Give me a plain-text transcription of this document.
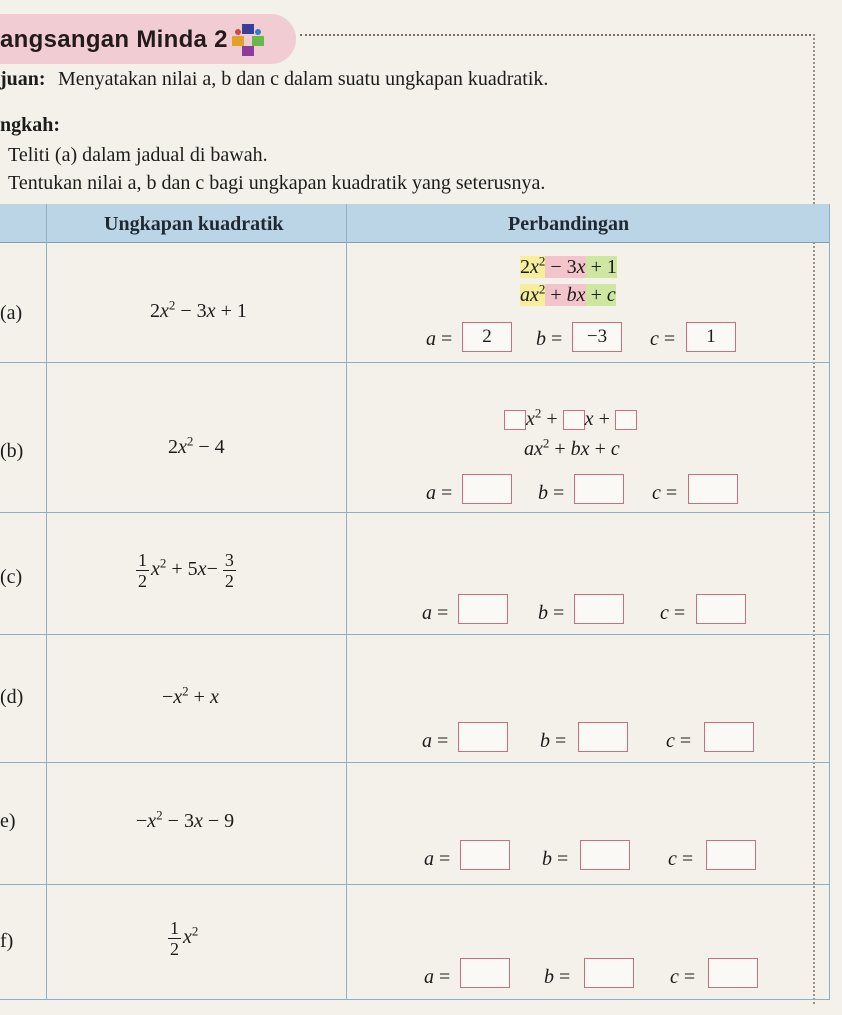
angsangan Minda 2
juan: Menyatakan nilai a, b dan c dalam suatu ungkapan kuadratik.
ngkah:
Teliti (a) dalam jadual di bawah.
Tentukan nilai a, b dan c bagi ungkapan kuadratik yang seterusnya.
Ungkapan kuadratik	Perbandingan
(a)	$2x^2 - 3x + 1$
$2x^2 - 3x + 1$
$ax^2$ + bx + c
a =	2	b =	−3	c =	1
(b)	$2x^2 - 4$
$x^2 + x$ +
$ax^2$ + bx + c
a =	b =	c =
(c)	$\frac{1}{2} x^2 + 5x- \frac{3}{2}$
a =	b =	c =
(d)	$-x^2 + x$
a =	b =	c =
e)	$-x^2 - 3x - 9$
a =	b =	c =
f)	$\frac{1}{2} x^2$
a =	b =	c =
